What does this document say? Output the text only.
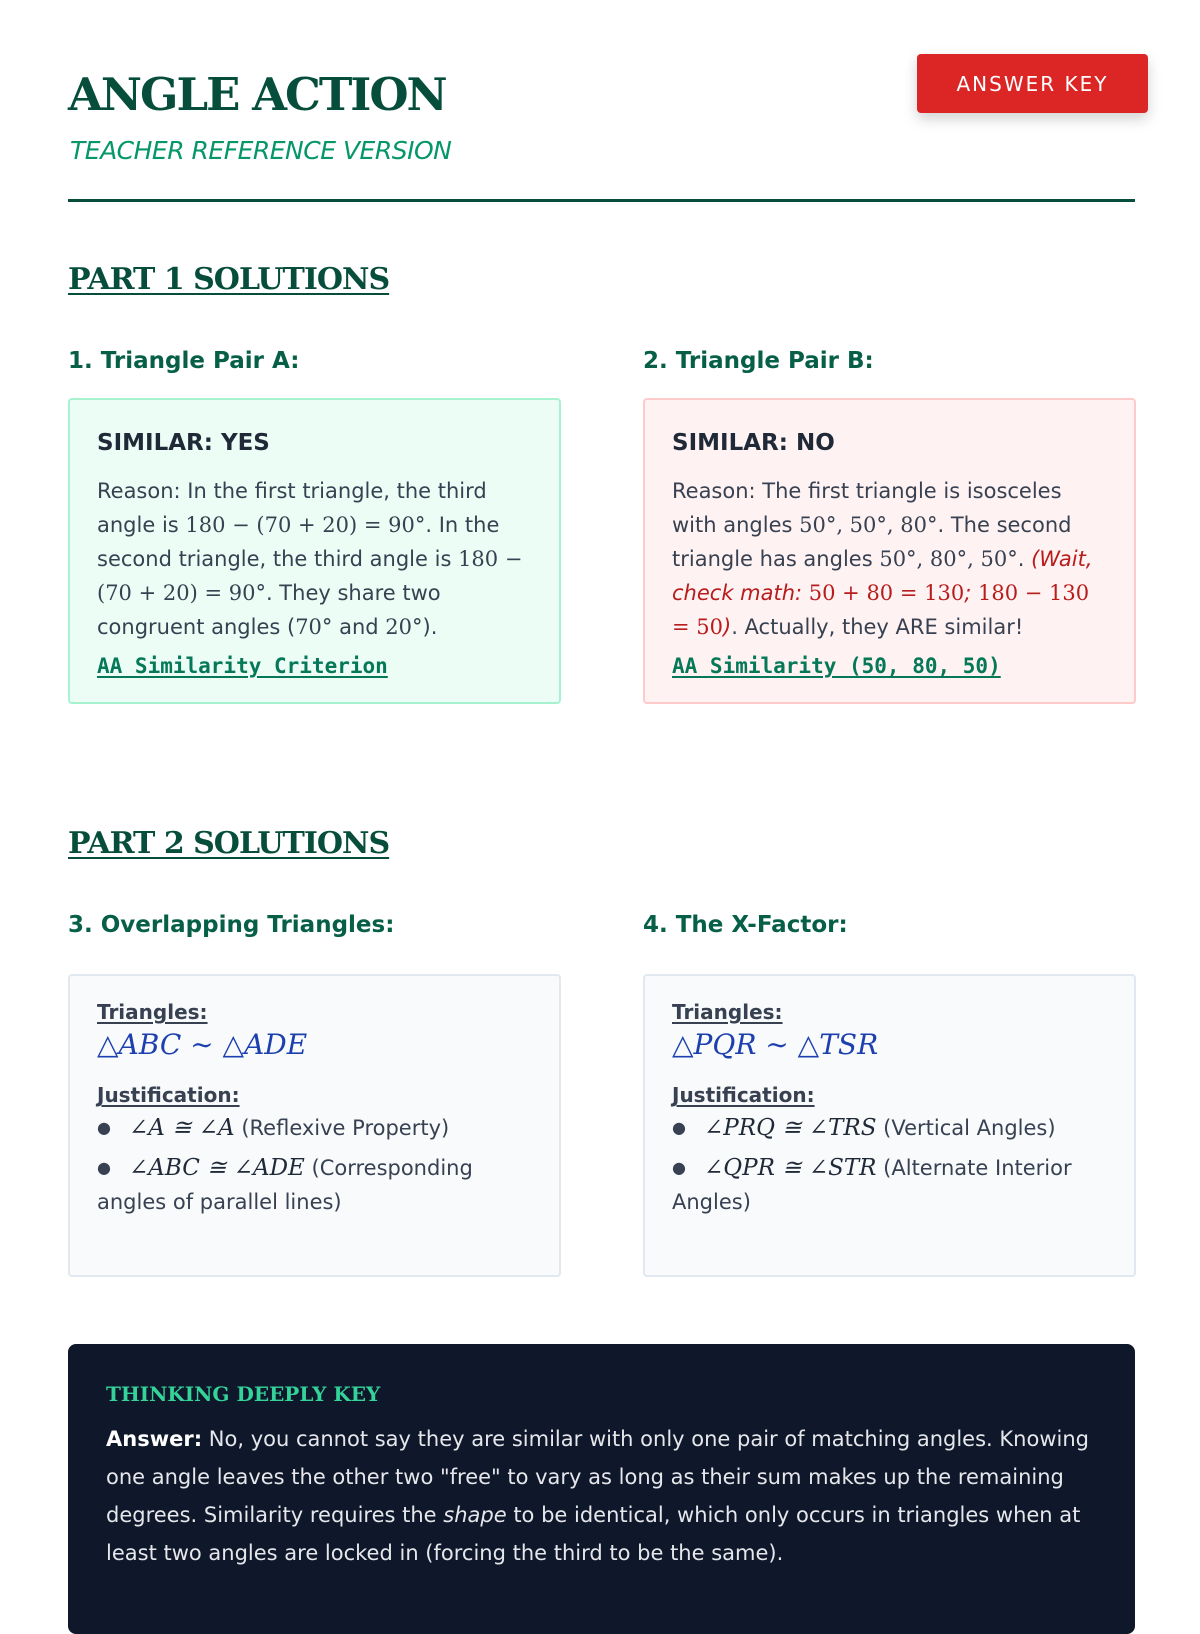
ANGLE ACTION
TEACHER REFERENCE VERSION
ANSWER KEY
PART 1 SOLUTIONS
1. Triangle Pair A:
SIMILAR: YES

Reason: In the first triangle, the third angle is 180 − (70 + 20) = 90°. In the second triangle, the third angle is 180 − (70 + 20) = 90°. They share two congruent angles (70° and 20°).

AA Similarity Criterion
2. Triangle Pair B:
SIMILAR: NO

Reason: The first triangle is isosceles with angles 50°, 50°, 80°. The second triangle has angles 50°, 80°, 50°. (Wait, check math: 50 + 80 = 130; 180 − 130 = 50). Actually, they ARE similar!

AA Similarity (50, 80, 50)
PART 2 SOLUTIONS
3. Overlapping Triangles:
Triangles:
△ABC ∼ △ADE
Justification:
● ∠A ≅ ∠A (Reflexive Property)
● ∠ABC ≅ ∠ADE (Corresponding angles of parallel lines)
4. The X-Factor:
Triangles:
△PQR ∼ △TSR
Justification:
● ∠PRQ ≅ ∠TRS (Vertical Angles)
● ∠QPR ≅ ∠STR (Alternate Interior Angles)
THINKING DEEPLY KEY

Answer: No, you cannot say they are similar with only one pair of matching angles. Knowing one angle leaves the other two "free" to vary as long as their sum makes up the remaining degrees. Similarity requires the shape to be identical, which only occurs in triangles when at least two angles are locked in (forcing the third to be the same).
